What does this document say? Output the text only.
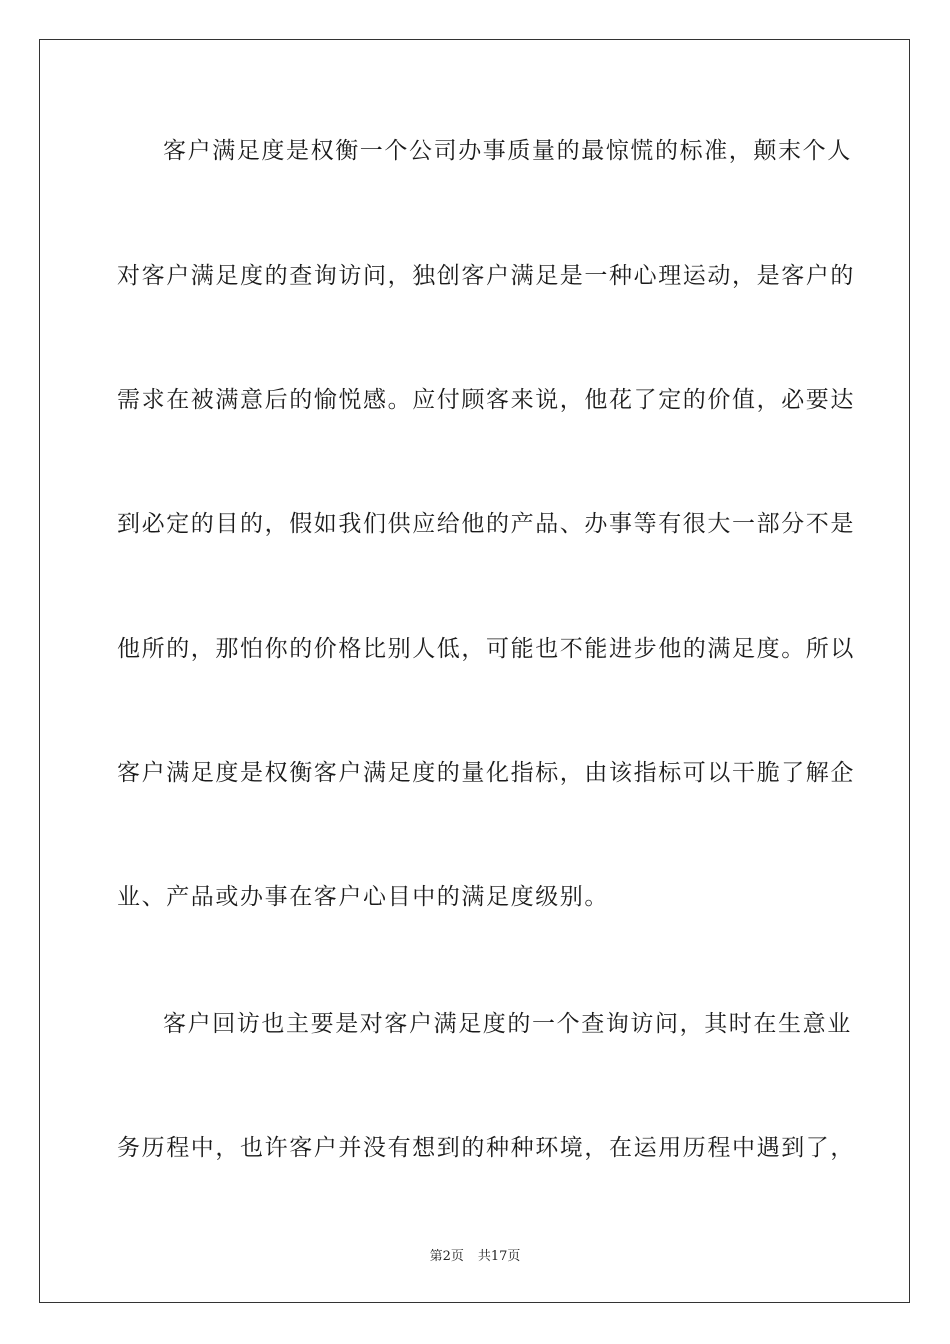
客户满足度是权衡一个公司办事质量的最惊慌的标准，颠末个人
对客户满足度的查询访问，独创客户满足是一种心理运动，是客户的
需求在被满意后的愉悦感。应付顾客来说，他花了定的价值，必要达
到必定的目的，假如我们供应给他的产品、办事等有很大一部分不是
他所的，那怕你的价格比别人低，可能也不能进步他的满足度。所以
客户满足度是权衡客户满足度的量化指标，由该指标可以干脆了解企
业、产品或办事在客户心目中的满足度级别。
客户回访也主要是对客户满足度的一个查询访问，其时在生意业
务历程中，也许客户并没有想到的种种环境，在运用历程中遇到了，
第2页 共17页
